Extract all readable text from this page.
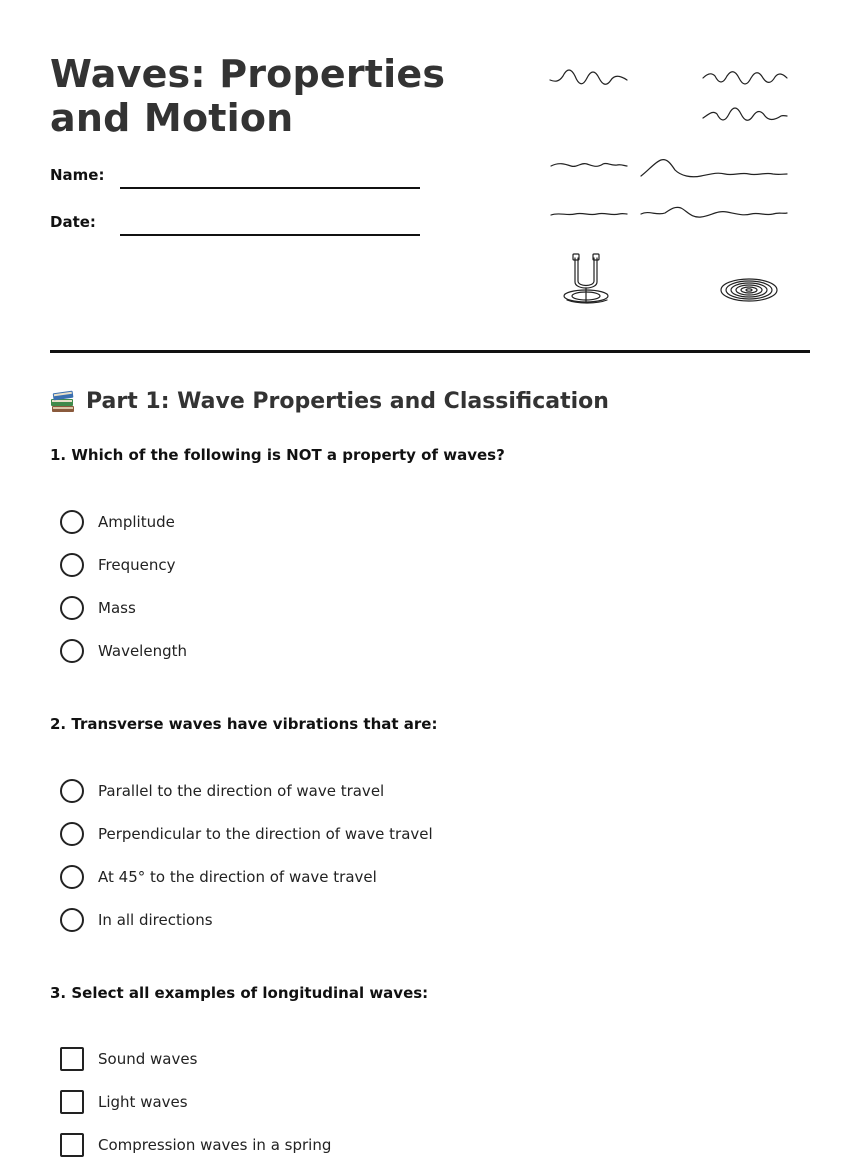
Waves: Properties and Motion
Name:
Date:
Part 1: Wave Properties and Classification
1. Which of the following is NOT a property of waves?
Amplitude
Frequency
Mass
Wavelength
2. Transverse waves have vibrations that are:
Parallel to the direction of wave travel
Perpendicular to the direction of wave travel
At 45° to the direction of wave travel
In all directions
3. Select all examples of longitudinal waves:
Sound waves
Light waves
Compression waves in a spring
